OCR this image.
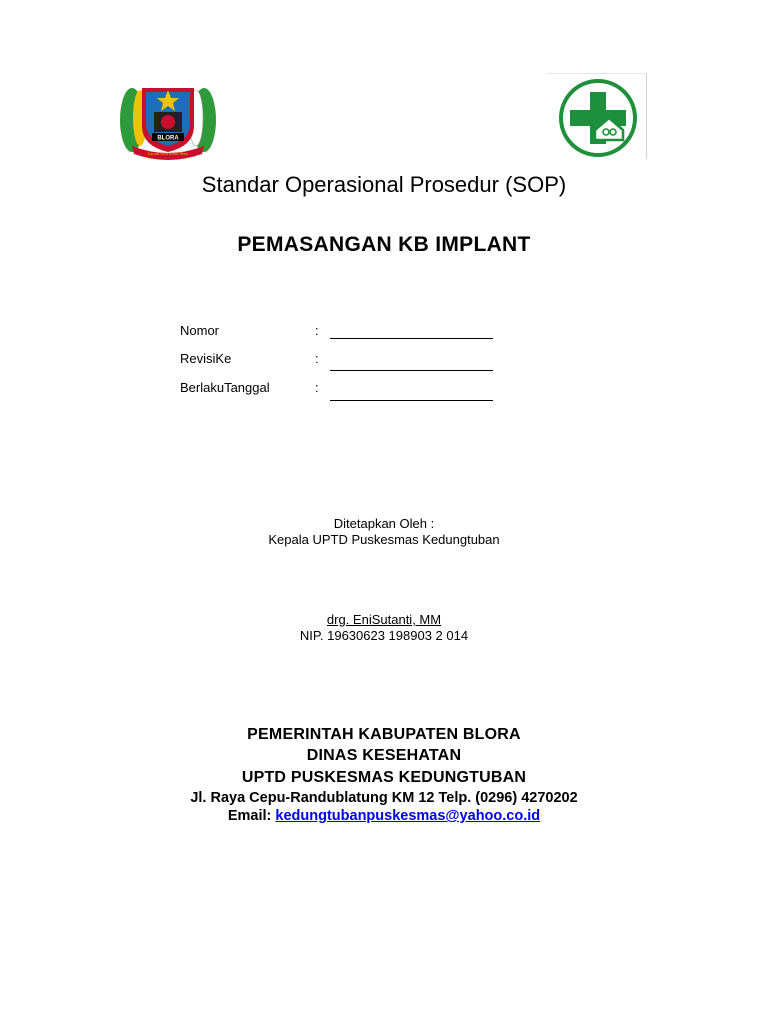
BLORA
Lacaut Seru Keria Nbus
Standar Operasional Prosedur (SOP)
PEMASANGAN KB IMPLANT
Nomor	:
RevisiKe	:
BerlakuTanggal	:
Ditetapkan Oleh :
Kepala UPTD Puskesmas Kedungtuban
drg. EniSutanti, MM
NIP. 19630623 198903 2 014
PEMERINTAH KABUPATEN BLORA
DINAS KESEHATAN
UPTD PUSKESMAS KEDUNGTUBAN
Jl. Raya Cepu-Randublatung KM 12 Telp. (0296) 4270202
Email: kedungtubanpuskesmas@yahoo.co.id
